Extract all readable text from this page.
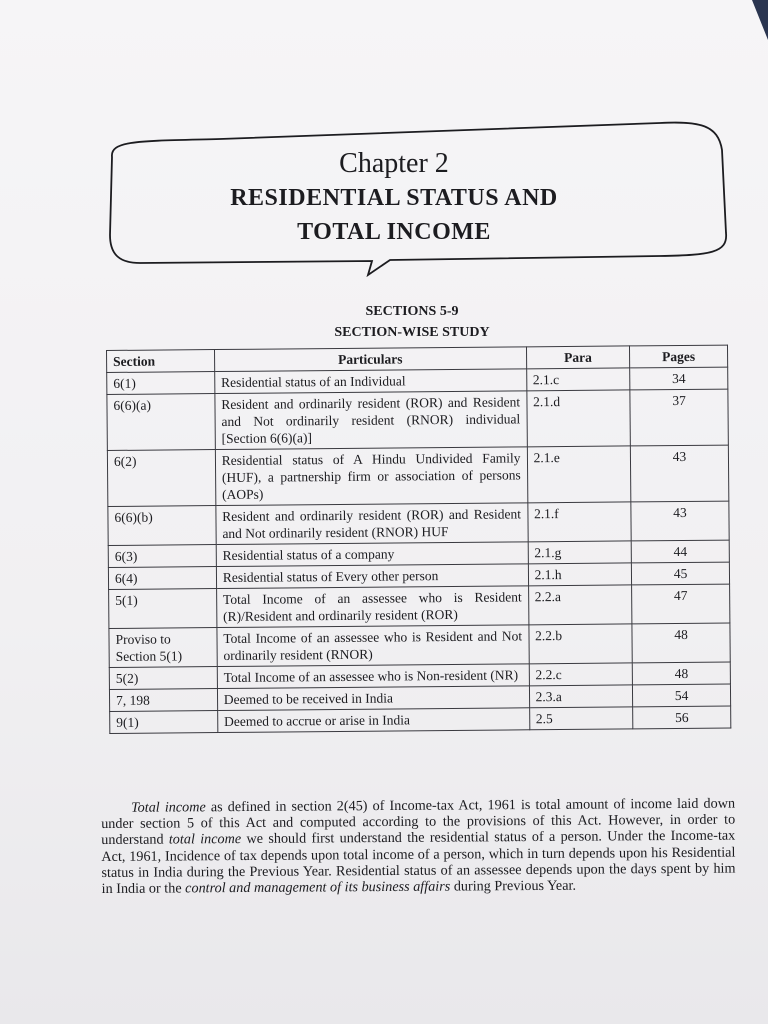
Chapter 2
RESIDENTIAL STATUS AND
TOTAL INCOME
SECTIONS 5-9
SECTION-WISE STUDY
Section	Particulars	Para	Pages
6(1)	Residential status of an Individual	2.1.c	34
6(6)(a)	Resident and ordinarily resident (ROR) and Resident and Not ordinarily resident (RNOR) individual [Section 6(6)(a)]	2.1.d	37
6(2)	Residential status of A Hindu Undivided Family (HUF), a partnership firm or association of persons (AOPs)	2.1.e	43
6(6)(b)	Resident and ordinarily resident (ROR) and Resident and Not ordinarily resident (RNOR) HUF	2.1.f	43
6(3)	Residential status of a company	2.1.g	44
6(4)	Residential status of Every other person	2.1.h	45
5(1)	Total Income of an assessee who is Resident (R)/Resident and ordinarily resident (ROR)	2.2.a	47
Proviso to Section 5(1)	Total Income of an assessee who is Resident and Not ordinarily resident (RNOR)	2.2.b	48
5(2)	Total Income of an assessee who is Non-resident (NR)	2.2.c	48
7, 198	Deemed to be received in India	2.3.a	54
9(1)	Deemed to accrue or arise in India	2.5	56

Total income as defined in section 2(45) of Income-tax Act, 1961 is total amount of income laid down under section 5 of this Act and computed according to the provisions of this Act. However, in order to understand total income we should first understand the residential status of a person. Under the Income-tax Act, 1961, Incidence of tax depends upon total income of a person, which in turn depends upon his Residential status in India during the Previous Year. Residential status of an assessee depends upon the days spent by him in India or the control and management of its business affairs during Previous Year.
